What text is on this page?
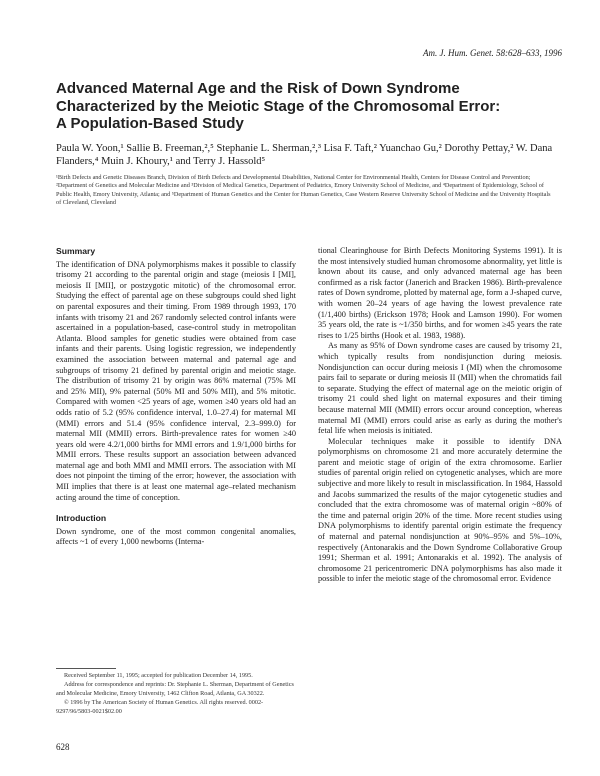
Am. J. Hum. Genet. 58:628–633, 1996
Advanced Maternal Age and the Risk of Down Syndrome
Characterized by the Meiotic Stage of the Chromosomal Error:
A Population-Based Study
Paula W. Yoon,¹ Sallie B. Freeman,²,⁵ Stephanie L. Sherman,²,³ Lisa F. Taft,² Yuanchao Gu,² Dorothy Pettay,² W. Dana Flanders,⁴ Muin J. Khoury,¹ and Terry J. Hassold⁵
¹Birth Defects and Genetic Diseases Branch, Division of Birth Defects and Developmental Disabilities, National Center for Environmental Health, Centers for Disease Control and Prevention; ²Department of Genetics and Molecular Medicine and ³Division of Medical Genetics, Department of Pediatrics, Emory University School of Medicine, and ⁴Department of Epidemiology, School of Public Health, Emory University, Atlanta; and ⁵Department of Human Genetics and the Center for Human Genetics, Case Western Reserve University School of Medicine and the University Hospitals of Cleveland, Cleveland
Summary

The identification of DNA polymorphisms makes it possible to classify trisomy 21 according to the parental origin and stage (meiosis I [MI], meiosis II [MII], or postzygotic mitotic) of the chromosomal error. Studying the effect of parental age on these subgroups could shed light on parental exposures and their timing. From 1989 through 1993, 170 infants with trisomy 21 and 267 randomly selected control infants were ascertained in a population-based, case-control study in metropolitan Atlanta. Blood samples for genetic studies were obtained from case infants and their parents. Using logistic regression, we independently examined the association between maternal and paternal age and subgroups of trisomy 21 defined by parental origin and meiotic stage. The distribution of trisomy 21 by origin was 86% maternal (75% MI and 25% MII), 9% paternal (50% MI and 50% MII), and 5% mitotic. Compared with women <25 years of age, women ≥40 years old had an odds ratio of 5.2 (95% confidence interval, 1.0–27.4) for maternal MI (MMI) errors and 51.4 (95% confidence interval, 2.3–999.0) for maternal MII (MMII) errors. Birth-prevalence rates for women ≥40 years old were 4.2/1,000 births for MMI errors and 1.9/1,000 births for MMII errors. These results support an association between advanced maternal age and both MMI and MMII errors. The association with MI does not pinpoint the timing of the error; however, the association with MII implies that there is at least one maternal age–related mechanism acting around the time of conception.

Introduction

Down syndrome, one of the most common congenital anomalies, affects ~1 of every 1,000 newborns (Interna-

Received September 11, 1995; accepted for publication December 14, 1995.

Address for correspondence and reprints: Dr. Stephanie L. Sherman, Department of Genetics and Molecular Medicine, Emory University, 1462 Clifton Road, Atlanta, GA 30322.

© 1996 by The American Society of Human Genetics. All rights reserved. 0002-9297/96/5803-0021$02.00

tional Clearinghouse for Birth Defects Monitoring Systems 1991). It is the most intensively studied human chromosome abnormality, yet little is known about its cause, and only advanced maternal age has been confirmed as a risk factor (Janerich and Bracken 1986). Birth-prevalence rates of Down syndrome, plotted by maternal age, form a J-shaped curve, with women 20–24 years of age having the lowest prevalence rate (1/1,400 births) (Erickson 1978; Hook and Lamson 1990). For women 35 years old, the rate is ~1/350 births, and for women ≥45 years the rate rises to 1/25 births (Hook et al. 1983, 1988).

As many as 95% of Down syndrome cases are caused by trisomy 21, which typically results from nondisjunction during meiosis. Nondisjunction can occur during meiosis I (MI) when the chromosome pairs fail to separate or during meiosis II (MII) when the chromatids fail to separate. Studying the effect of maternal age on the meiotic origin of trisomy 21 could shed light on maternal exposures and their timing because maternal MII (MMII) errors occur around conception, whereas maternal MI (MMI) errors could arise as early as during the mother's fetal life when meiosis is initiated.

Molecular techniques make it possible to identify DNA polymorphisms on chromosome 21 and more accurately determine the parent and meiotic stage of origin of the extra chromosome. Earlier studies of parental origin relied on cytogenetic analyses, which are more subjective and more likely to result in misclassification. In 1984, Hassold and Jacobs summarized the results of the major cytogenetic studies and concluded that the extra chromosome was of maternal origin ~80% of the time and paternal origin 20% of the time. More recent studies using DNA polymorphisms to identify parental origin estimate the frequency of maternal and paternal nondisjunction at 90%–95% and 5%–10%, respectively (Antonarakis and the Down Syndrome Collaborative Group 1991; Sherman et al. 1991; Antonarakis et al. 1992). The analysis of chromosome 21 pericentromeric DNA polymorphisms has also made it possible to infer the meiotic stage of the chromosomal error. Evidence

628
